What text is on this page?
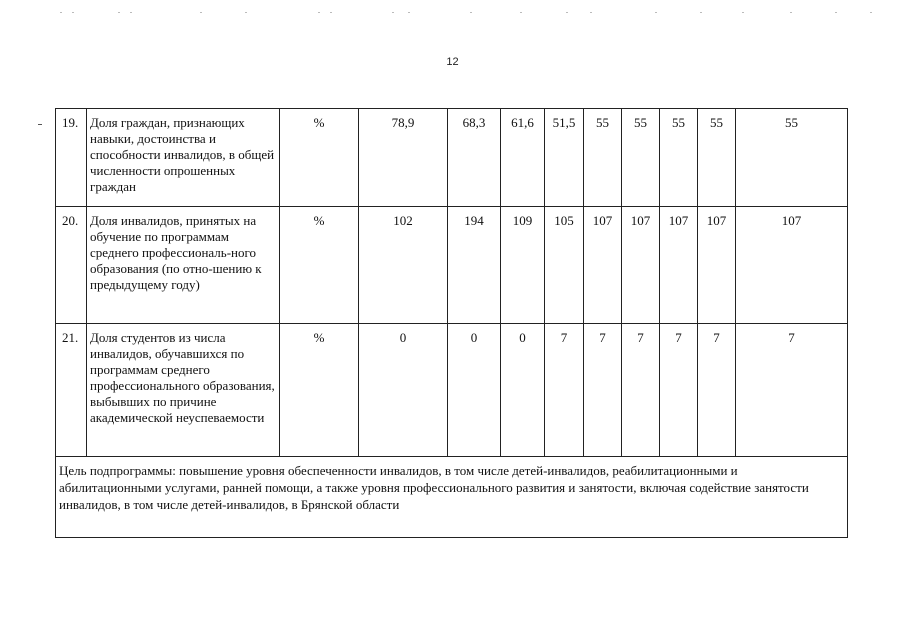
12
19.	Доля граждан, признающих навыки, достоинства и способности инвалидов, в общей численности опрошенных граждан	%	78,9	68,3	61,6	51,5	55	55	55	55	55
20.	Доля инвалидов, принятых на обучение по программам среднего профессиональ-ного образования (по отно-шению к предыдущему году)	%	102	194	109	105	107	107	107	107	107
21.	Доля студентов из числа инвалидов, обучавшихся по программам среднего профессионального образования, выбывших по причине академической неуспеваемости	%	0	0	0	7	7	7	7	7	7
Цель подпрограммы: повышение уровня обеспеченности инвалидов, в том числе детей-инвалидов, реабилитационными и абилитационными услугами, ранней помощи, а также уровня профессионального развития и занятости, включая содействие занятости инвалидов, в том числе детей-инвалидов, в Брянской области											
